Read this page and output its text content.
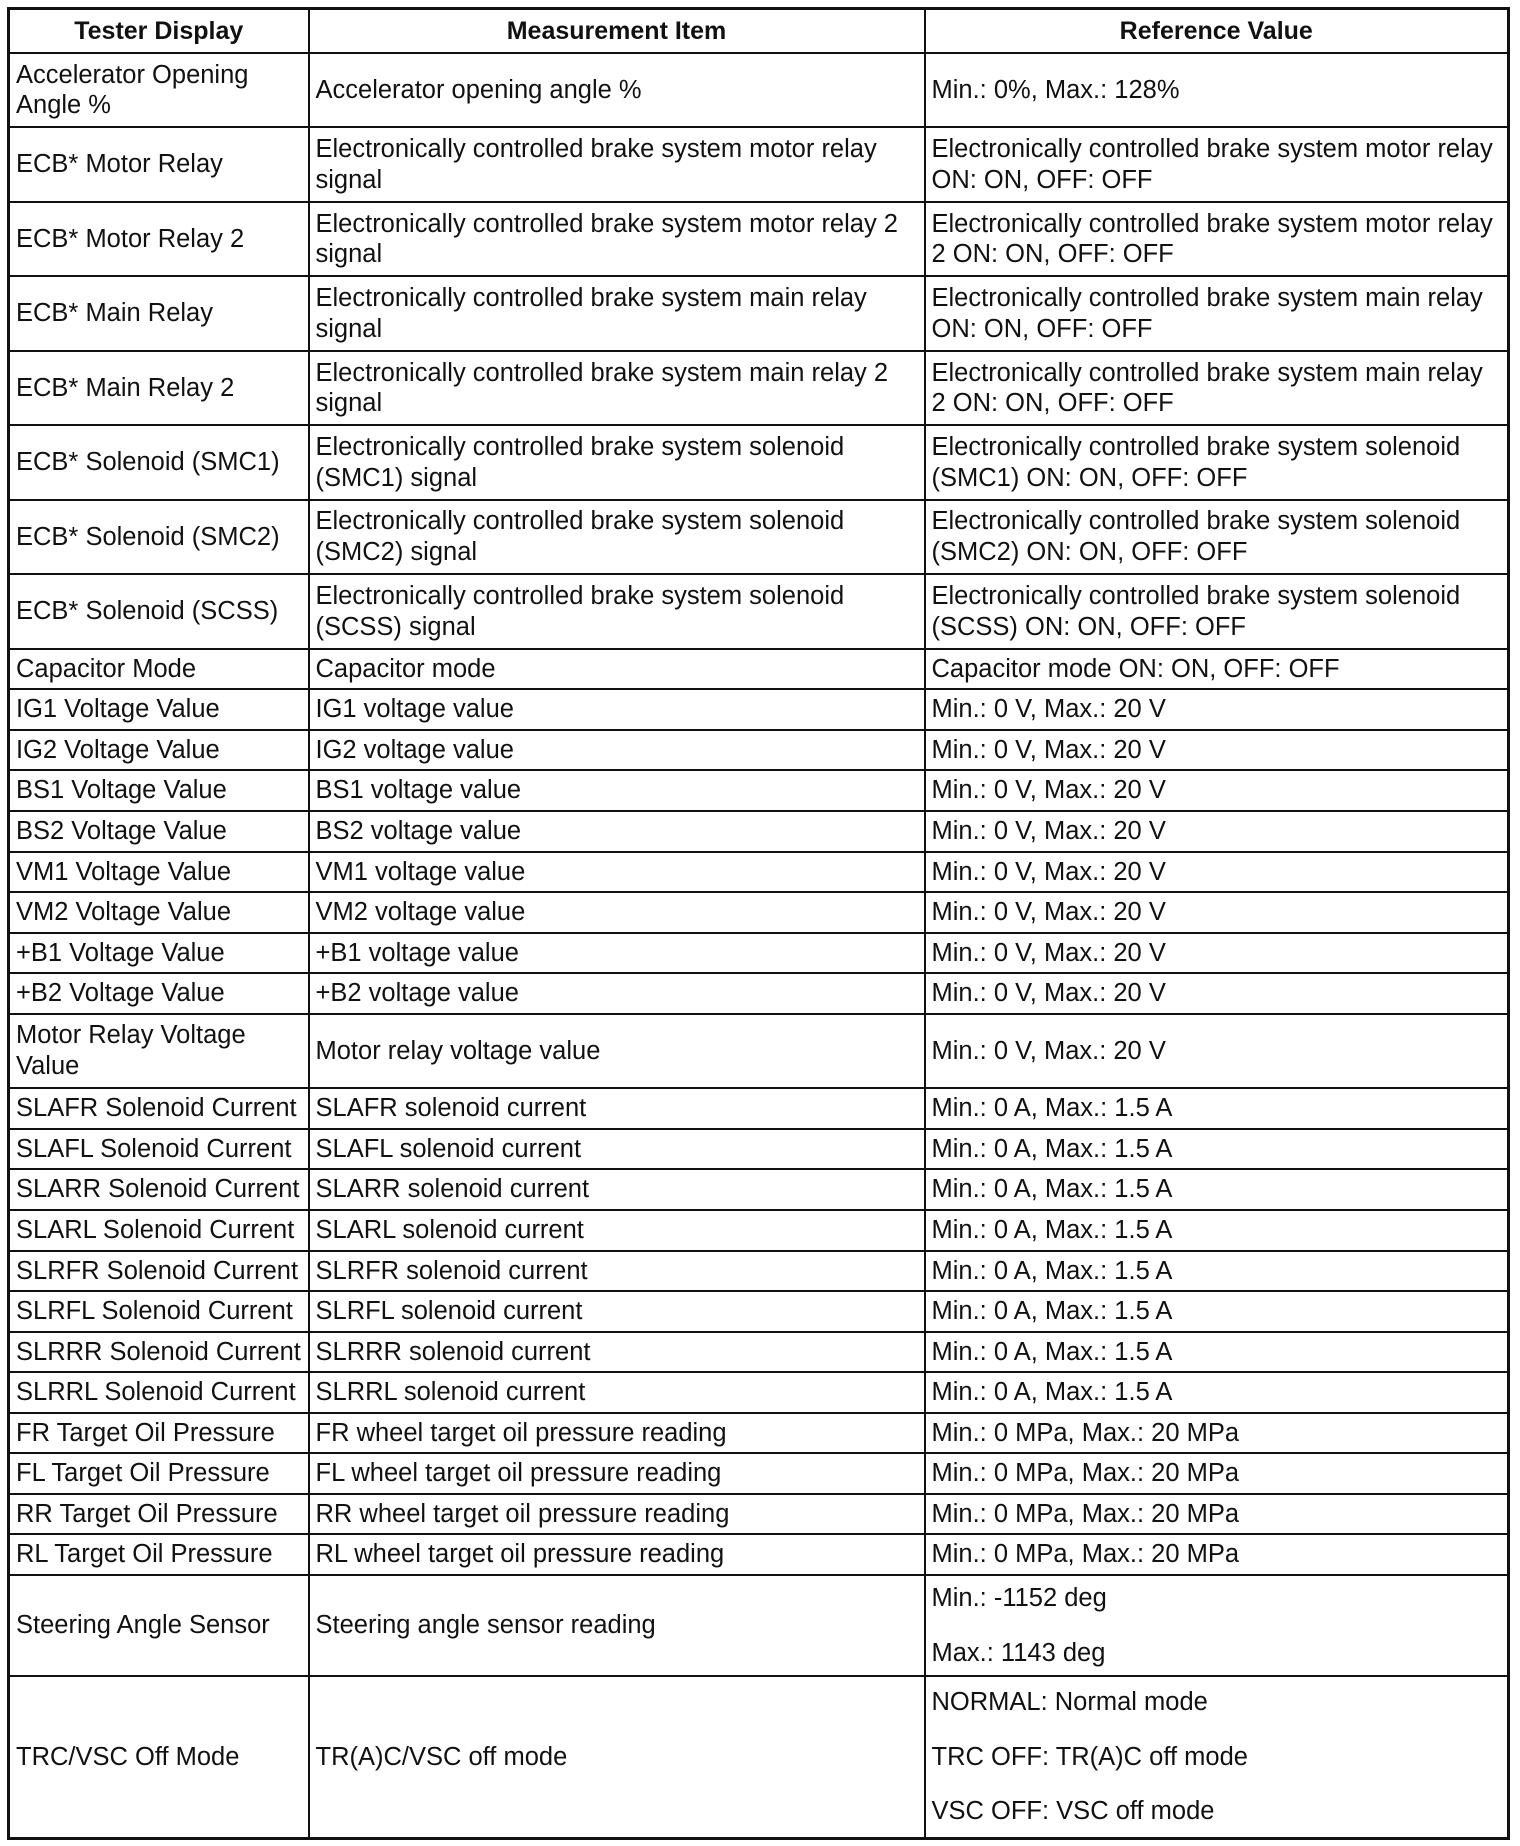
Tester Display	Measurement Item	Reference Value
Accelerator Opening Angle %	Accelerator opening angle %	Min.: 0%, Max.: 128%

ECB* Motor Relay	Electronically controlled brake system motor relay signal	Electronically controlled brake system motor relay ON: ON, OFF: OFF

ECB* Motor Relay 2	Electronically controlled brake system motor relay 2 signal	Electronically controlled brake system motor relay 2 ON: ON, OFF: OFF

ECB* Main Relay	Electronically controlled brake system main relay signal	Electronically controlled brake system main relay ON: ON, OFF: OFF

ECB* Main Relay 2	Electronically controlled brake system main relay 2 signal	Electronically controlled brake system main relay 2 ON: ON, OFF: OFF

ECB* Solenoid (SMC1)	Electronically controlled brake system solenoid (SMC1) signal	Electronically controlled brake system solenoid (SMC1) ON: ON, OFF: OFF

ECB* Solenoid (SMC2)	Electronically controlled brake system solenoid (SMC2) signal	Electronically controlled brake system solenoid (SMC2) ON: ON, OFF: OFF

ECB* Solenoid (SCSS)	Electronically controlled brake system solenoid (SCSS) signal	Electronically controlled brake system solenoid (SCSS) ON: ON, OFF: OFF

Capacitor Mode	Capacitor mode	Capacitor mode ON: ON, OFF: OFF

IG1 Voltage Value	IG1 voltage value	Min.: 0 V, Max.: 20 V

IG2 Voltage Value	IG2 voltage value	Min.: 0 V, Max.: 20 V

BS1 Voltage Value	BS1 voltage value	Min.: 0 V, Max.: 20 V

BS2 Voltage Value	BS2 voltage value	Min.: 0 V, Max.: 20 V

VM1 Voltage Value	VM1 voltage value	Min.: 0 V, Max.: 20 V

VM2 Voltage Value	VM2 voltage value	Min.: 0 V, Max.: 20 V

+B1 Voltage Value	+B1 voltage value	Min.: 0 V, Max.: 20 V

+B2 Voltage Value	+B2 voltage value	Min.: 0 V, Max.: 20 V

Motor Relay Voltage Value	Motor relay voltage value	Min.: 0 V, Max.: 20 V

SLAFR Solenoid Current	SLAFR solenoid current	Min.: 0 A, Max.: 1.5 A

SLAFL Solenoid Current	SLAFL solenoid current	Min.: 0 A, Max.: 1.5 A

SLARR Solenoid Current	SLARR solenoid current	Min.: 0 A, Max.: 1.5 A

SLARL Solenoid Current	SLARL solenoid current	Min.: 0 A, Max.: 1.5 A

SLRFR Solenoid Current	SLRFR solenoid current	Min.: 0 A, Max.: 1.5 A

SLRFL Solenoid Current	SLRFL solenoid current	Min.: 0 A, Max.: 1.5 A

SLRRR Solenoid Current	SLRRR solenoid current	Min.: 0 A, Max.: 1.5 A

SLRRL Solenoid Current	SLRRL solenoid current	Min.: 0 A, Max.: 1.5 A

FR Target Oil Pressure	FR wheel target oil pressure reading	Min.: 0 MPa, Max.: 20 MPa

FL Target Oil Pressure	FL wheel target oil pressure reading	Min.: 0 MPa, Max.: 20 MPa

RR Target Oil Pressure	RR wheel target oil pressure reading	Min.: 0 MPa, Max.: 20 MPa

RL Target Oil Pressure	RL wheel target oil pressure reading	Min.: 0 MPa, Max.: 20 MPa

Steering Angle Sensor	Steering angle sensor reading	Min.: -1152 deg
Max.: 1143 deg

TRC/VSC Off Mode	TR(A)C/VSC off mode	NORMAL: Normal mode
TRC OFF: TR(A)C off mode
VSC OFF: VSC off mode
